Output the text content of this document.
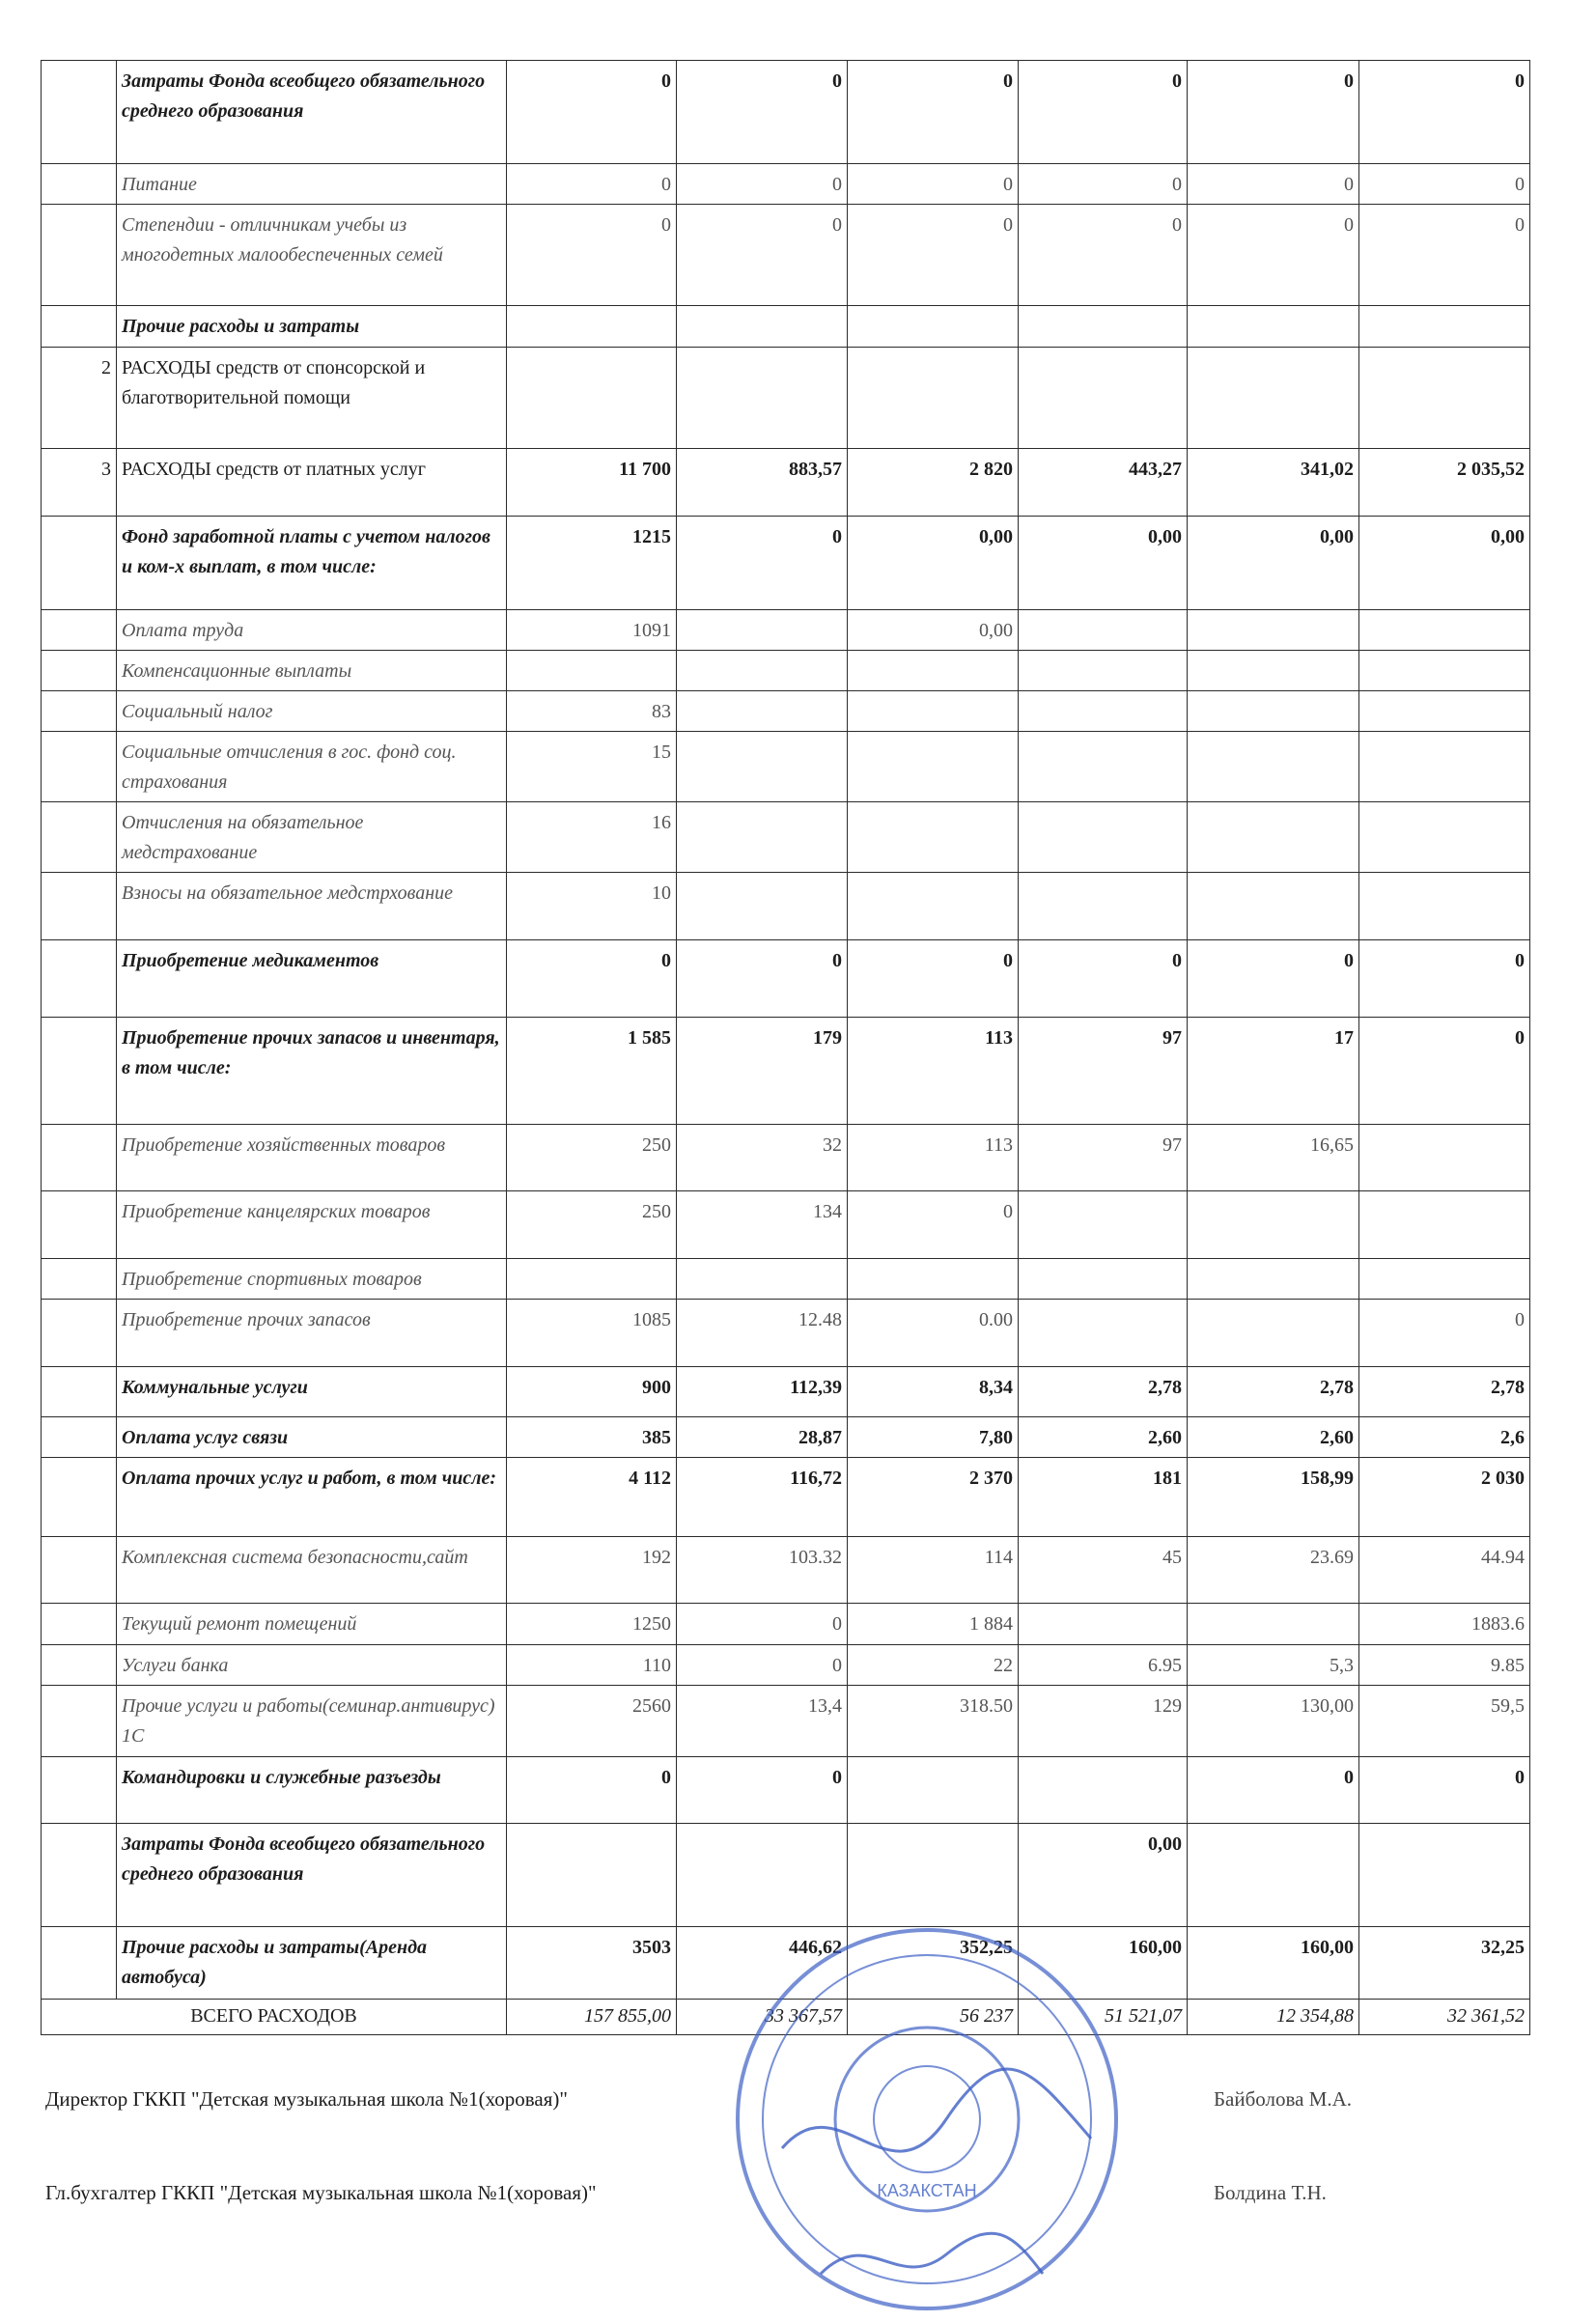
	Затраты Фонда всеобщего обязательного среднего образования	0	0	0	0	0	0
	Питание	0	0	0	0	0	0
	Степендии - отличникам учебы из многодетных малообеспеченных семей	0	0	0	0	0	0
	Прочие расходы и затраты						
2	РАСХОДЫ средств от спонсорской и благотворительной помощи						
3	РАСХОДЫ средств от платных услуг	11 700	883,57	2 820	443,27	341,02	2 035,52
	Фонд заработной платы с учетом налогов и ком-х выплат, в том числе:	1215	0	0,00	0,00	0,00	0,00
	Оплата труда	1091		0,00			
	Компенсационные выплаты						
	Социальный налог	83					
	Социальные отчисления в гос. фонд соц. страхования	15					
	Отчисления на обязательное медстрахование	16					
	Взносы на обязательное медстрхование	10					
	Приобретение медикаментов	0	0	0	0	0	0
	Приобретение прочих запасов и инвентаря, в том числе:	1 585	179	113	97	17	0
	Приобретение хозяйственных товаров	250	32	113	97	16,65	
	Приобретение канцелярских товаров	250	134	0			
	Приобретение спортивных товаров						
	Приобретение прочих запасов	1085	12.48	0.00			0
	Коммунальные услуги	900	112,39	8,34	2,78	2,78	2,78
	Оплата услуг связи	385	28,87	7,80	2,60	2,60	2,6
	Оплата прочих услуг и работ, в том числе:	4 112	116,72	2 370	181	158,99	2 030
	Комплексная система безопасности,сайт	192	103.32	114	45	23.69	44.94
	Текущий ремонт помещений	1250	0	1 884			1883.6
	Услуги банка	110	0	22	6.95	5,3	9.85
	Прочие услуги и работы(семинар.антивирус) 1С	2560	13,4	318.50	129	130,00	59,5
	Командировки и служебные разъезды	0	0			0	0
	Затраты Фонда всеобщего обязательного среднего образования				0,00		
	Прочие расходы и затраты(Аренда автобуса)	3503	446,62	352,25	160,00	160,00	32,25
ВСЕГО РАСХОДОВ		157 855,00	33 367,57	56 237	51 521,07	12 354,88	32 361,52
Директор ГККП "Детская музыкальная школа №1(хоровая)"	Байболова М.А.
Гл.бухгалтер ГККП "Детская музыкальная школа №1(хоровая)"	Болдина Т.Н.
КАЗАКСТАН
